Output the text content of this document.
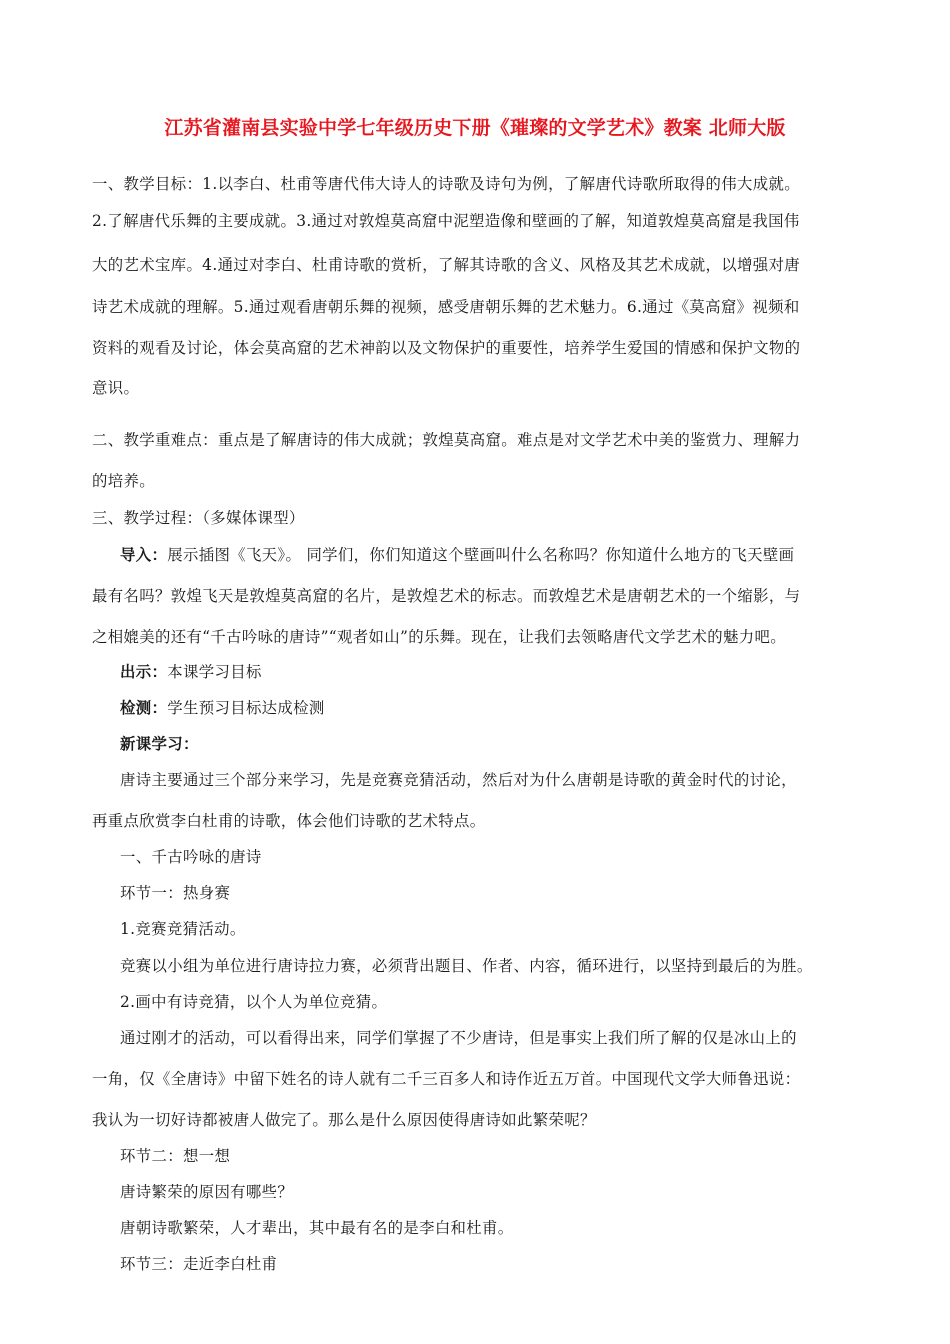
江苏省灌南县实验中学七年级历史下册《璀璨的文学艺术》教案 北师大版
一、教学目标：1.以李白、杜甫等唐代伟大诗人的诗歌及诗句为例，了解唐代诗歌所取得的伟大成就。
2.了解唐代乐舞的主要成就。3.通过对敦煌莫高窟中泥塑造像和壁画的了解，知道敦煌莫高窟是我国伟
大的艺术宝库。4.通过对李白、杜甫诗歌的赏析，了解其诗歌的含义、风格及其艺术成就，以增强对唐
诗艺术成就的理解。5.通过观看唐朝乐舞的视频，感受唐朝乐舞的艺术魅力。6.通过《莫高窟》视频和
资料的观看及讨论，体会莫高窟的艺术神韵以及文物保护的重要性，培养学生爱国的情感和保护文物的
意识。
二、教学重难点：重点是了解唐诗的伟大成就；敦煌莫高窟。难点是对文学艺术中美的鉴赏力、理解力
的培养。
三、教学过程：（多媒体课型）
导入：展示插图《飞天》。 同学们，你们知道这个壁画叫什么名称吗？你知道什么地方的飞天壁画
最有名吗？敦煌飞天是敦煌莫高窟的名片，是敦煌艺术的标志。而敦煌艺术是唐朝艺术的一个缩影，与
之相媲美的还有“千古吟咏的唐诗”“观者如山”的乐舞。现在，让我们去领略唐代文学艺术的魅力吧。
出示：本课学习目标
检测：学生预习目标达成检测
新课学习：
唐诗主要通过三个部分来学习，先是竞赛竞猜活动，然后对为什么唐朝是诗歌的黄金时代的讨论，
再重点欣赏李白杜甫的诗歌，体会他们诗歌的艺术特点。
一、千古吟咏的唐诗
环节一：热身赛
1.竞赛竞猜活动。
竞赛以小组为单位进行唐诗拉力赛，必须背出题目、作者、内容，循环进行，以坚持到最后的为胜。
2.画中有诗竞猜，以个人为单位竞猜。
通过刚才的活动，可以看得出来，同学们掌握了不少唐诗，但是事实上我们所了解的仅是冰山上的
一角，仅《全唐诗》中留下姓名的诗人就有二千三百多人和诗作近五万首。中国现代文学大师鲁迅说：
我认为一切好诗都被唐人做完了。那么是什么原因使得唐诗如此繁荣呢？
环节二：想一想
唐诗繁荣的原因有哪些？
唐朝诗歌繁荣，人才辈出，其中最有名的是李白和杜甫。
环节三：走近李白杜甫
